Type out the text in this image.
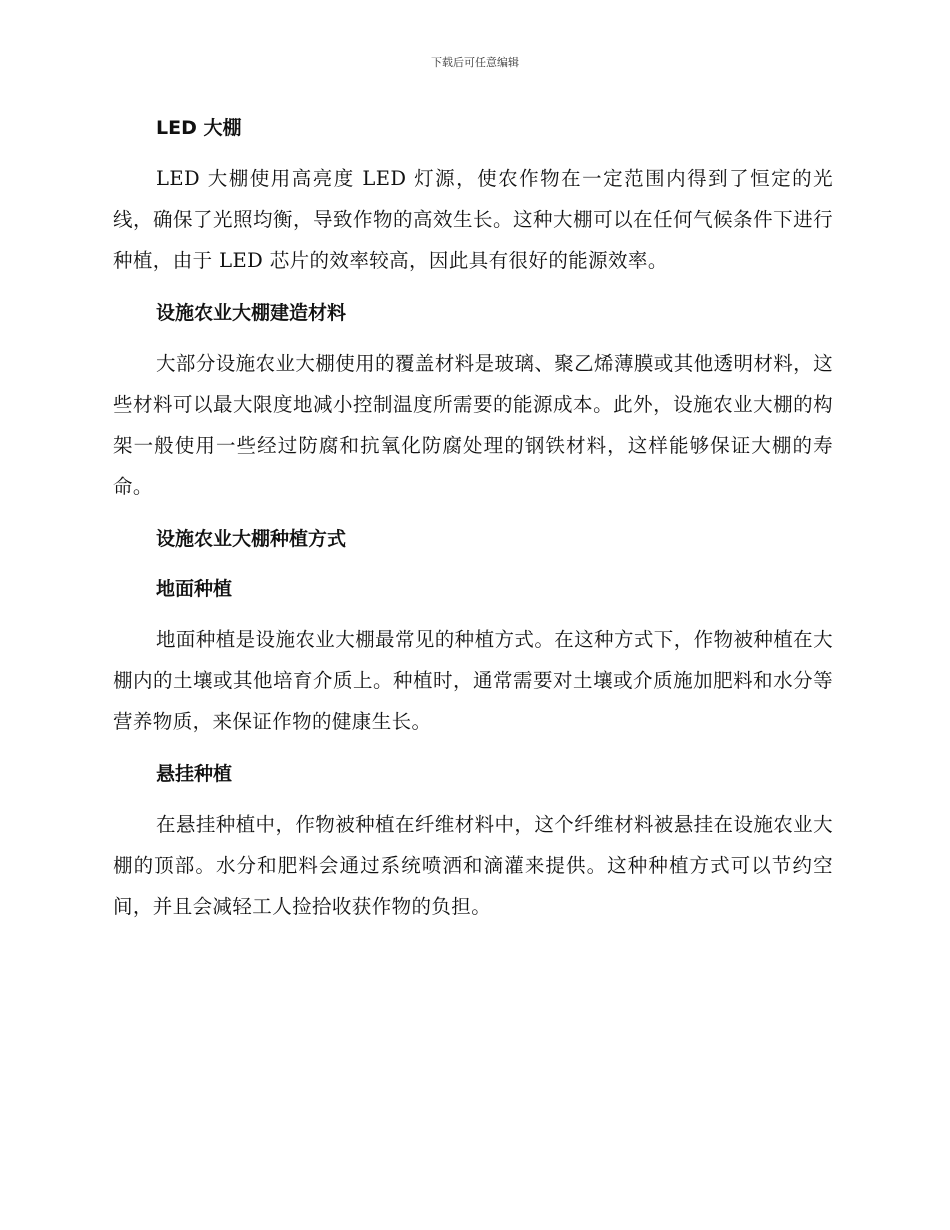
下载后可任意编辑
LED 大棚

LED 大棚使用高亮度 LED 灯源，使农作物在一定范围内得到了恒定的光线，确保了光照均衡，导致作物的高效生长。这种大棚可以在任何气候条件下进行种植，由于 LED 芯片的效率较高，因此具有很好的能源效率。

设施农业大棚建造材料

大部分设施农业大棚使用的覆盖材料是玻璃、聚乙烯薄膜或其他透明材料，这些材料可以最大限度地减小控制温度所需要的能源成本。此外，设施农业大棚的构架一般使用一些经过防腐和抗氧化防腐处理的钢铁材料，这样能够保证大棚的寿命。

设施农业大棚种植方式
地面种植

地面种植是设施农业大棚最常见的种植方式。在这种方式下，作物被种植在大棚内的土壤或其他培育介质上。种植时，通常需要对土壤或介质施加肥料和水分等营养物质，来保证作物的健康生长。

悬挂种植

在悬挂种植中，作物被种植在纤维材料中，这个纤维材料被悬挂在设施农业大棚的顶部。水分和肥料会通过系统喷洒和滴灌来提供。这种种植方式可以节约空间，并且会减轻工人捡拾收获作物的负担。
